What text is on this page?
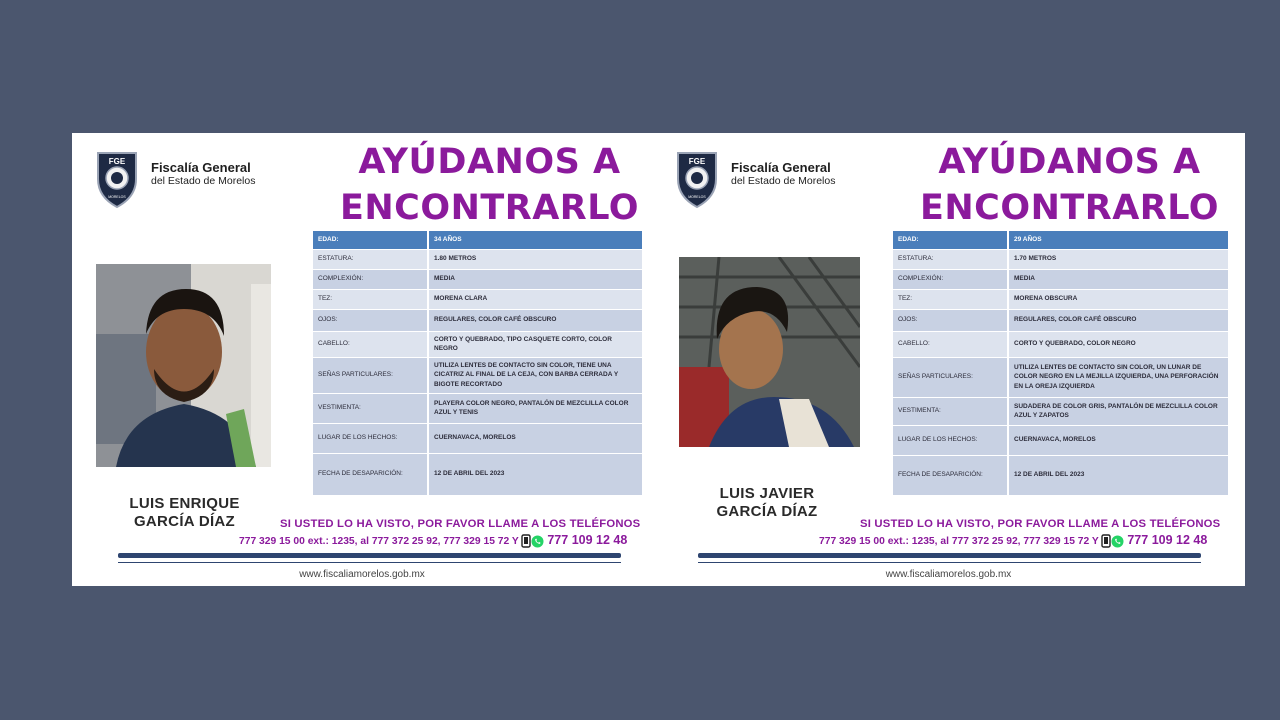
FGE
MORELOS
Fiscalía General
del Estado de Morelos	AYÚDANOS A
ENCONTRARLO
EDAD:	34 AÑOS
ESTATURA:	1.80 METROS
COMPLEXIÓN:	MEDIA
TEZ:	MORENA CLARA
OJOS:	REGULARES, COLOR CAFÉ OBSCURO
CABELLO:	CORTO Y QUEBRADO, TIPO CASQUETE CORTO, COLOR NEGRO
SEÑAS PARTICULARES:	UTILIZA LENTES DE CONTACTO SIN COLOR, TIENE UNA CICATRIZ AL FINAL DE LA CEJA, CON BARBA CERRADA Y BIGOTE RECORTADO
VESTIMENTA:	PLAYERA COLOR NEGRO, PANTALÓN DE MEZCLILLA COLOR AZUL Y TENIS
LUGAR DE LOS HECHOS:	CUERNAVACA, MORELOS
FECHA DE DESAPARICIÓN:	12 DE ABRIL DEL 2023
LUIS ENRIQUE
GARCÍA DÍAZ	SI USTED LO HA VISTO, POR FAVOR LLAME A LOS TELÉFONOS
777 329 15 00 ext.: 1235, al 777 372 25 92, 777 329 15 72 Y 777 109 12 48
www.fiscaliamorelos.gob.mx
FGE
MORELOS
Fiscalía General
del Estado de Morelos	AYÚDANOS A
ENCONTRARLO
EDAD:	29 AÑOS
ESTATURA:	1.70 METROS
COMPLEXIÓN:	MEDIA
TEZ:	MORENA OBSCURA
OJOS:	REGULARES, COLOR CAFÉ OBSCURO
CABELLO:	CORTO Y QUEBRADO, COLOR NEGRO
SEÑAS PARTICULARES:	UTILIZA LENTES DE CONTACTO SIN COLOR, UN LUNAR DE COLOR NEGRO EN LA MEJILLA IZQUIERDA, UNA PERFORACIÓN EN LA OREJA IZQUIERDA
VESTIMENTA:	SUDADERA DE COLOR GRIS, PANTALÓN DE MEZCLILLA COLOR AZUL Y ZAPATOS
LUGAR DE LOS HECHOS:	CUERNAVACA, MORELOS
FECHA DE DESAPARICIÓN:	12 DE ABRIL DEL 2023
LUIS JAVIER
GARCÍA DÍAZ
SI USTED LO HA VISTO, POR FAVOR LLAME A LOS TELÉFONOS
777 329 15 00 ext.: 1235, al 777 372 25 92, 777 329 15 72 Y 777 109 12 48
www.fiscaliamorelos.gob.mx
